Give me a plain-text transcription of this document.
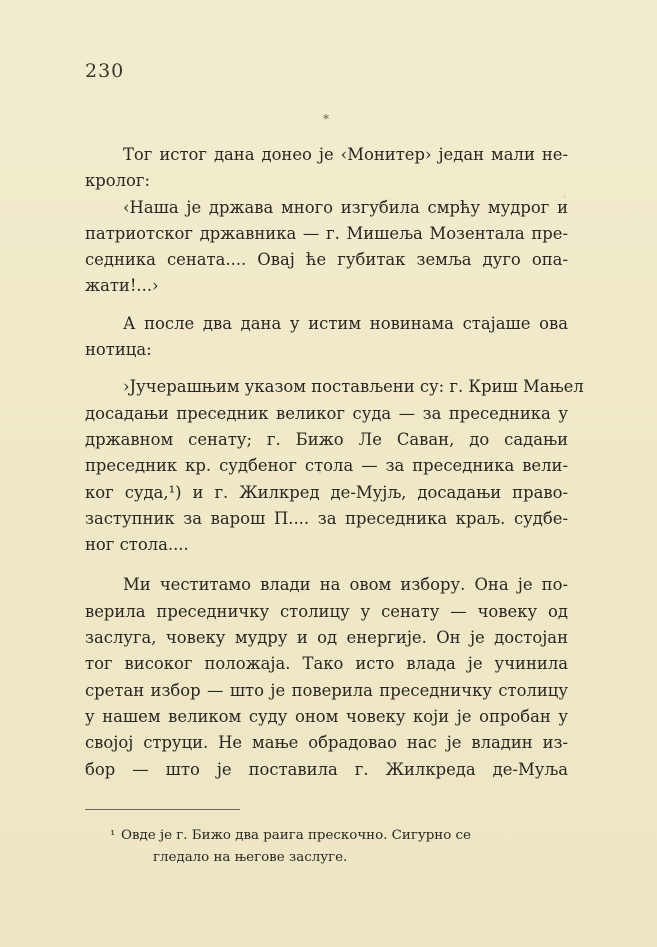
230
*
Тог истог дана донео је ‹Монитер› један мали не-
кролог:
‹Наша је држава много изгубила смрћу мудрог и
патриотског државника — г. Мишеља Мозентала пре-
седника сената.... Овај ће губитак земља дуго опа-
жати!...›
А после два дана у истим новинама стајаше ова
нотица:
›Јучерашњим указом постављени су: г. Криш Мањел
досадањи преседник великог суда — за преседника у
државном сенату; г. Бижо Ле Саван, до садањи
преседник кр. судбеног стола — за преседника вели-
ког суда,¹) и г. Жилкред де-Мујљ, досадањи право-
заступник за варош П.... за преседника краљ. судбе-
ног стола....
Ми честитамо влади на овом избору. Она је по-
верила преседничку столицу у сенату — човеку од
заслуга, човеку мудру и од енергије. Он је достојан
тог високог положаја. Тако исто влада је учинила
сретан избор — што је поверила преседничку столицу
у нашем великом суду оном човеку који је опробан у
својој струци. Не мање обрадовао нас је владин из-
бор — што је поставила г. Жилкреда де-Муља
¹ Овде је г. Бижо два раига прескочно. Сигурно се
гледало на његове заслуге.
